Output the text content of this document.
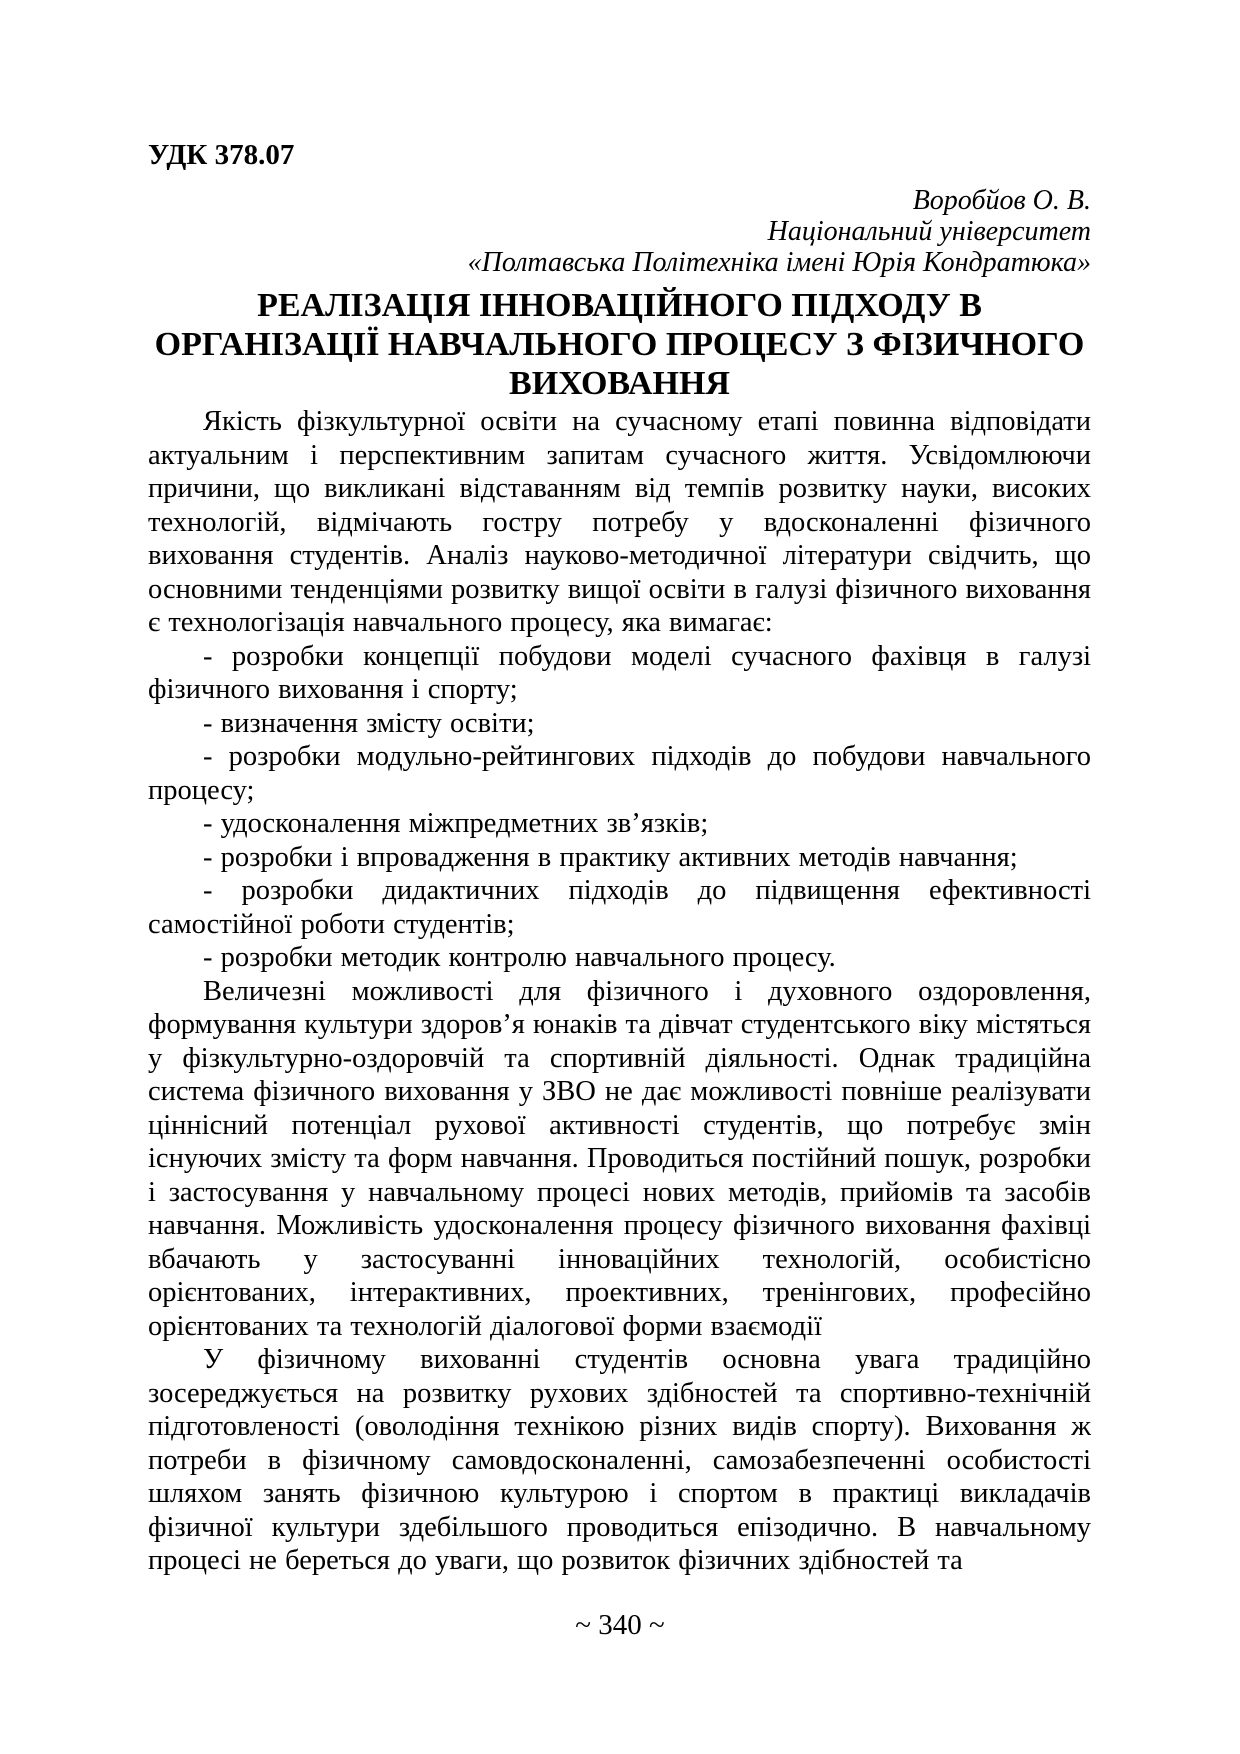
УДК 378.07
Воробйов О. В.
Національний університет
«Полтавська Політехніка імені Юрія Кондратюка»
РЕАЛІЗАЦІЯ ІННОВАЦІЙНОГО ПІДХОДУ В ОРГАНІЗАЦІЇ НАВЧАЛЬНОГО ПРОЦЕСУ З ФІЗИЧНОГО ВИХОВАННЯ

Якість фізкультурної освіти на сучасному етапі повинна відповідати актуальним і перспективним запитам сучасного життя. Усвідомлюючи причини, що викликані відставанням від темпів розвитку науки, високих технологій, відмічають гостру потребу у вдосконаленні фізичного виховання студентів. Аналіз науково-методичної літератури свідчить, що основними тенденціями розвитку вищої освіти в галузі фізичного виховання є технологізація навчального процесу, яка вимагає:

- розробки концепції побудови моделі сучасного фахівця в галузі фізичного виховання і спорту;

- визначення змісту освіти;

- розробки модульно-рейтингових підходів до побудови навчального процесу;

- удосконалення міжпредметних зв’язків;

- розробки і впровадження в практику активних методів навчання;

- розробки дидактичних підходів до підвищення ефективності самостійної роботи студентів;

- розробки методик контролю навчального процесу.

Величезні можливості для фізичного і духовного оздоровлення, формування культури здоров’я юнаків та дівчат студентського віку містяться у фізкультурно-оздоровчій та спортивній діяльності. Однак традиційна система фізичного виховання у ЗВО не дає можливості повніше реалізувати ціннісний потенціал рухової активності студентів, що потребує змін існуючих змісту та форм навчання. Проводиться постійний пошук, розробки і застосування у навчальному процесі нових методів, прийомів та засобів навчання. Можливість удосконалення процесу фізичного виховання фахівці вбачають у застосуванні інноваційних технологій, особистісно орієнтованих, інтерактивних, проективних, тренінгових, професійно орієнтованих та технологій діалогової форми взаємодії

У фізичному вихованні студентів основна увага традиційно зосереджується на розвитку рухових здібностей та спортивно-технічній підготовленості (оволодіння технікою різних видів спорту). Виховання ж потреби в фізичному самовдосконаленні, самозабезпеченні особистості шляхом занять фізичною культурою і спортом в практиці викладачів фізичної культури здебільшого проводиться епізодично. В навчальному процесі не береться до уваги, що розвиток фізичних здібностей та

~ 340 ~
